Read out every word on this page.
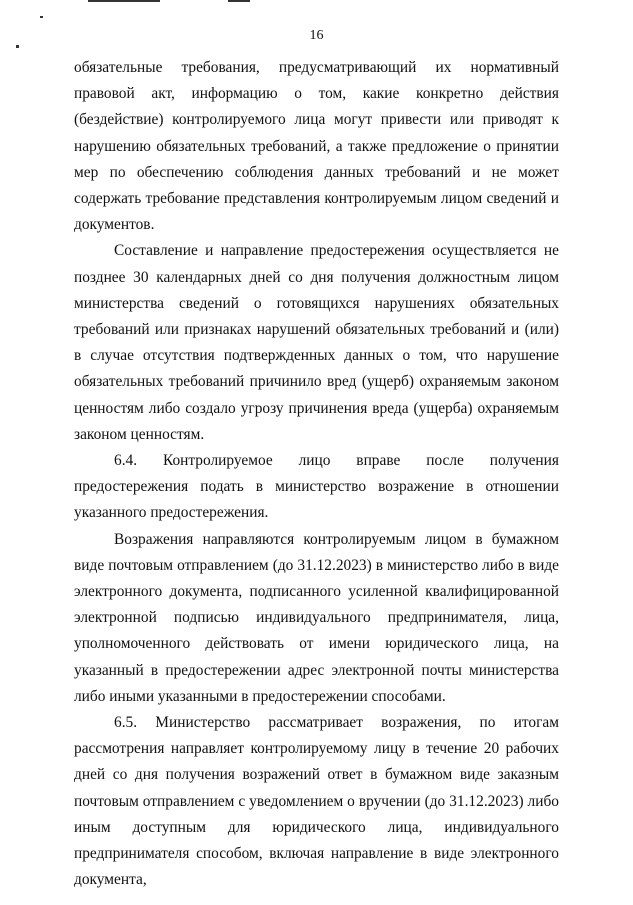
16

обязательные требования, предусматривающий их нормативный правовой акт, информацию о том, какие конкретно действия (бездействие) контролируемого лица могут привести или приводят к нарушению обязательных требований, а также предложение о принятии мер по обеспечению соблюдения данных требований и не может содержать требование представления контролируемым лицом сведений и документов.

Составление и направление предостережения осуществляется не позднее 30 календарных дней со дня получения должностным лицом министерства сведений о готовящихся нарушениях обязательных требований или признаках нарушений обязательных требований и (или) в случае отсутствия подтвержденных данных о том, что нарушение обязательных требований причинило вред (ущерб) охраняемым законом ценностям либо создало угрозу причинения вреда (ущерба) охраняемым законом ценностям.

6.4. Контролируемое лицо вправе после получения предостережения подать в министерство возражение в отношении указанного предостережения.

Возражения направляются контролируемым лицом в бумажном виде почтовым отправлением (до 31.12.2023) в министерство либо в виде электронного документа, подписанного усиленной квалифицированной электронной подписью индивидуального предпринимателя, лица, уполномоченного действовать от имени юридического лица, на указанный в предостережении адрес электронной почты министерства либо иными указанными в предостережении способами.

6.5. Министерство рассматривает возражения, по итогам рассмотрения направляет контролируемому лицу в течение 20 рабочих дней со дня получения возражений ответ в бумажном виде заказным почтовым отправлением с уведомлением о вручении (до 31.12.2023) либо иным доступным для юридического лица, индивидуального предпринимателя способом, включая направление в виде электронного документа,
